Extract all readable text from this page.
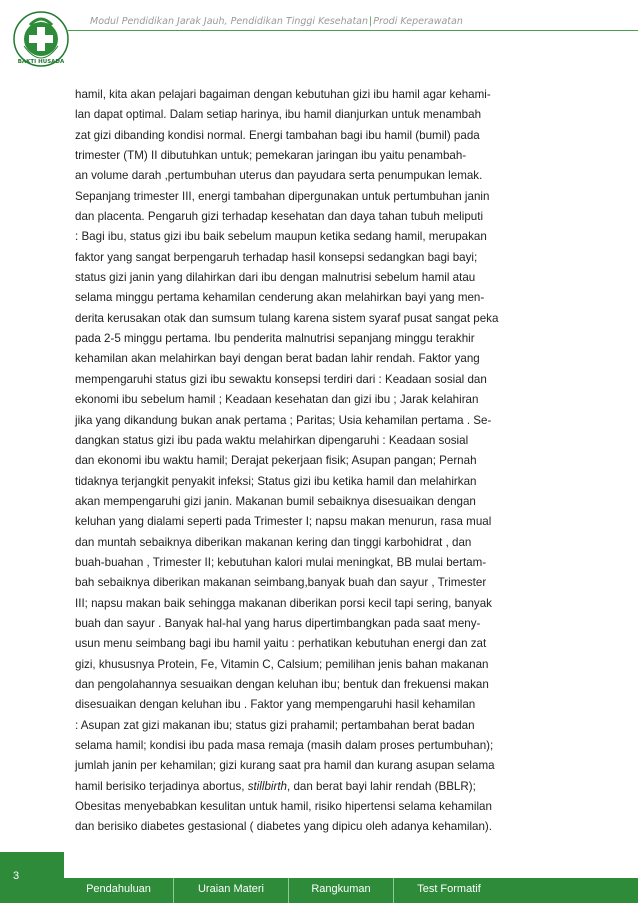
BAKTI HUSADA
Modul Pendidikan Jarak Jauh, Pendidikan Tinggi Kesehatan|Prodi Keperawatan
hamil, kita akan pelajari bagaiman dengan kebutuhan gizi ibu hamil agar kehami-
lan dapat optimal. Dalam setiap harinya, ibu hamil dianjurkan untuk menambah
zat gizi dibanding kondisi normal. Energi tambahan bagi ibu hamil (bumil) pada
trimester (TM) II dibutuhkan untuk; pemekaran jaringan ibu yaitu penambah-
an volume darah ,pertumbuhan uterus dan payudara serta penumpukan lemak.
Sepanjang trimester III, energi tambahan dipergunakan untuk pertumbuhan janin
dan placenta. Pengaruh gizi terhadap kesehatan dan daya tahan tubuh meliputi
: Bagi ibu, status gizi ibu baik sebelum maupun ketika sedang hamil, merupakan
faktor yang sangat berpengaruh terhadap hasil konsepsi sedangkan bagi bayi;
status gizi janin yang dilahirkan dari ibu dengan malnutrisi sebelum hamil atau
selama minggu pertama kehamilan cenderung akan melahirkan bayi yang men-
derita kerusakan otak dan sumsum tulang karena sistem syaraf pusat sangat peka
pada 2-5 minggu pertama. Ibu penderita malnutrisi sepanjang minggu terakhir
kehamilan akan melahirkan bayi dengan berat badan lahir rendah. Faktor yang
mempengaruhi status gizi ibu sewaktu konsepsi terdiri dari : Keadaan sosial dan
ekonomi ibu sebelum hamil ; Keadaan kesehatan dan gizi ibu ; Jarak kelahiran
jika yang dikandung bukan anak pertama ; Paritas; Usia kehamilan pertama . Se-
dangkan status gizi ibu pada waktu melahirkan dipengaruhi : Keadaan sosial
dan ekonomi ibu waktu hamil; Derajat pekerjaan fisik; Asupan pangan; Pernah
tidaknya terjangkit penyakit infeksi; Status gizi ibu ketika hamil dan melahirkan
akan mempengaruhi gizi janin. Makanan bumil sebaiknya disesuaikan dengan
keluhan yang dialami seperti pada Trimester I; napsu makan menurun, rasa mual
dan muntah sebaiknya diberikan makanan kering dan tinggi karbohidrat , dan
buah-buahan , Trimester II; kebutuhan kalori mulai meningkat, BB mulai bertam-
bah sebaiknya diberikan makanan seimbang,banyak buah dan sayur , Trimester
III; napsu makan baik sehingga makanan diberikan porsi kecil tapi sering, banyak
buah dan sayur . Banyak hal-hal yang harus dipertimbangkan pada saat meny-
usun menu seimbang bagi ibu hamil yaitu : perhatikan kebutuhan energi dan zat
gizi, khususnya Protein, Fe, Vitamin C, Calsium; pemilihan jenis bahan makanan
dan pengolahannya sesuaikan dengan keluhan ibu; bentuk dan frekuensi makan
disesuaikan dengan keluhan ibu . Faktor yang mempengaruhi hasil kehamilan
: Asupan zat gizi makanan ibu; status gizi prahamil; pertambahan berat badan
selama hamil; kondisi ibu pada masa remaja (masih dalam proses pertumbuhan);
jumlah janin per kehamilan; gizi kurang saat pra hamil dan kurang asupan selama
hamil berisiko terjadinya abortus, stillbirth, dan berat bayi lahir rendah (BBLR);
Obesitas menyebabkan kesulitan untuk hamil, risiko hipertensi selama kehamilan
dan berisiko diabetes gestasional ( diabetes yang dipicu oleh adanya kehamilan).
3
Pendahuluan	Uraian Materi	Rangkuman	Test Formatif
